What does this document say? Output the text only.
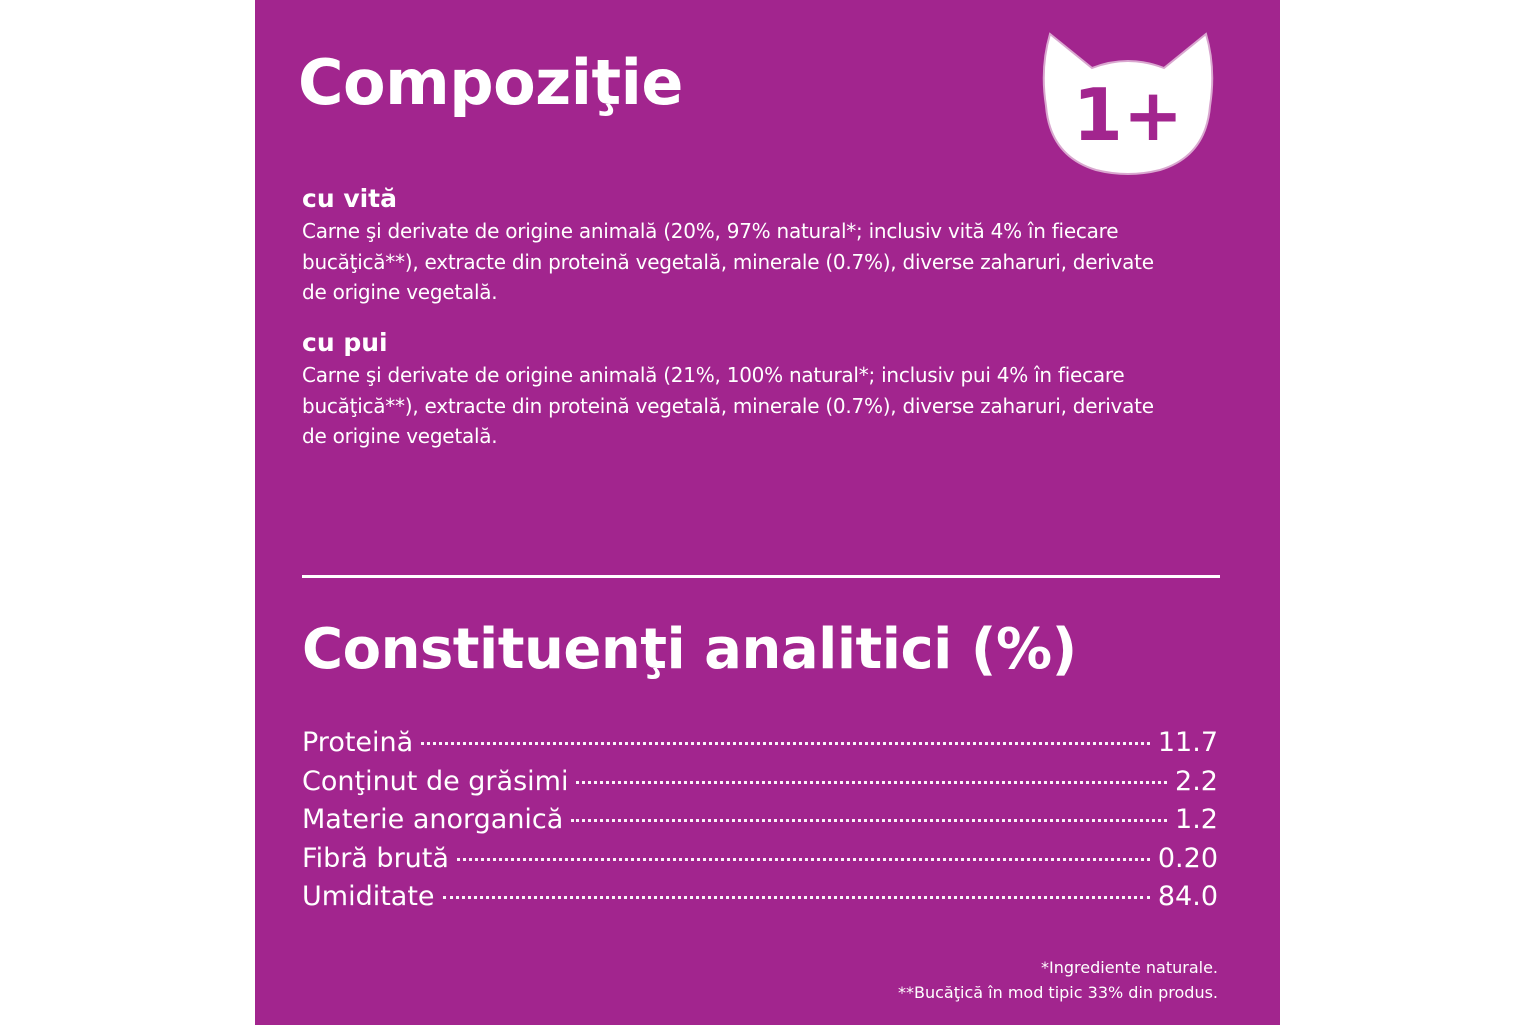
Compoziţie	1+
cu vită

Carne şi derivate de origine animală (20%, 97% natural*; inclusiv vită 4% în fiecare bucăţică**), extracte din proteină vegetală, minerale (0.7%), diverse zaharuri, derivate de origine vegetală.

cu pui

Carne şi derivate de origine animală (21%, 100% natural*; inclusiv pui 4% în fiecare bucăţică**), extracte din proteină vegetală, minerale (0.7%), diverse zaharuri, derivate de origine vegetală.

Constituenţi analitici (%)
Proteină	11.7
Conţinut de grăsimi	2.2
Materie anorganică	1.2
Fibră brută	0.20
Umiditate	84.0

*Ingrediente naturale.

**Bucăţică în mod tipic 33% din produs.
